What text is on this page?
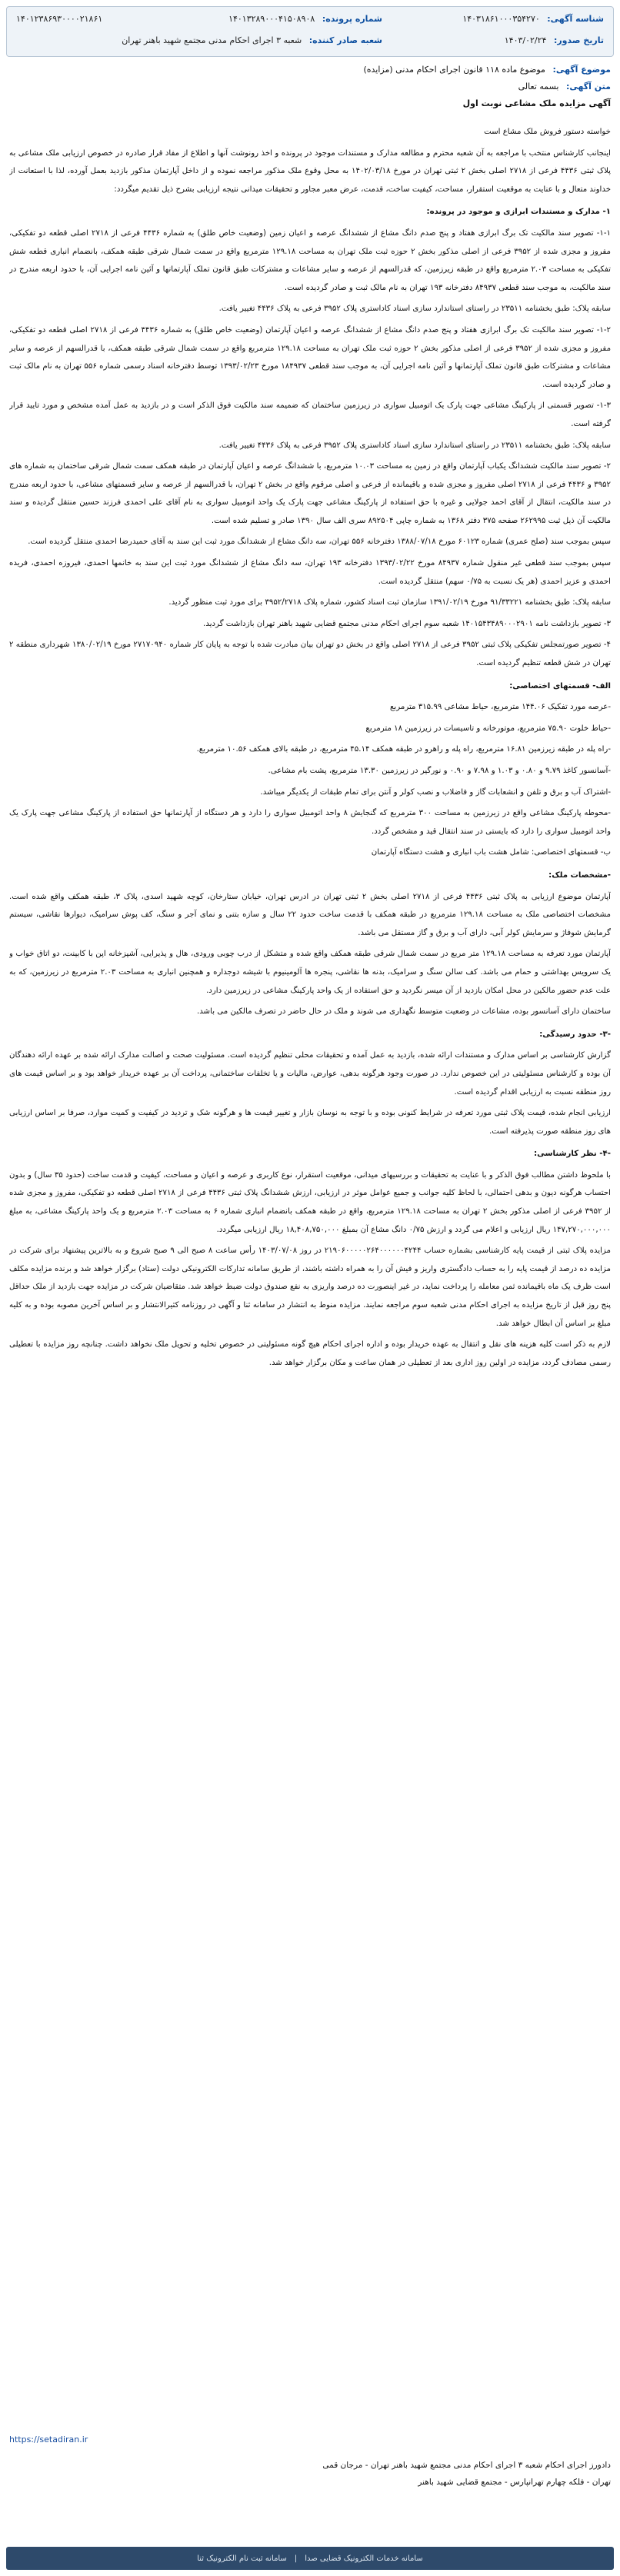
شناسه آگهی: ۱۴۰۳۱۸۶۱۰۰۰۳۵۴۲۷۰
شماره پرونده: ۱۴۰۱۳۲۸۹۰۰۰۴۱۵۰۸۹۰۸
۱۴۰۱۲۳۸۶۹۳۰۰۰۰۲۱۸۶۱
تاریخ صدور: ۱۴۰۳/۰۲/۲۴
شعبه صادر کننده: شعبه ۳ اجرای احکام مدنی مجتمع شهید باهنر تهران
موضوع آگهی: موضوع ماده ۱۱۸ قانون اجرای احکام مدنی (مزایده)
متن آگهی: بسمه تعالی
آگهی مزایده ملک مشاعی نوبت اول

خواسته دستور فروش ملک مشاع است

اینجانب کارشناس منتخب با مراجعه به آن شعبه محترم و مطالعه مدارک و مستندات موجود در پرونده و اخذ رونوشت آنها و اطلاع از مفاد قرار صادره در خصوص ارزیابی ملک مشاعی به پلاک ثبتی ۴۴۳۶ فرعی از ۲۷۱۸ اصلی بخش ۲ ثبتی تهران در مورخ ۱۴۰۲/۰۳/۱۸ به محل وقوع ملک مذکور مراجعه نموده و از داخل آپارتمان مذکور بازدید بعمل آورده، لذا با استعانت از خداوند متعال و با عنایت به موقعیت استقرار، مساحت، کیفیت ساخت، قدمت، عرض معبر مجاور و تحقیقات میدانی نتیجه ارزیابی بشرح ذیل تقدیم میگردد:

۱- مدارک و مستندات ابرازی و موجود در پرونده:

۱-۱- تصویر سند مالکیت تک برگ ابرازی هفتاد و پنج صدم دانگ مشاع از ششدانگ عرصه و اعیان زمین (وضعیت خاص طلق) به شماره ۴۴۳۶ فرعی از ۲۷۱۸ اصلی قطعه دو تفکیکی، مفروز و مجزی شده از ۳۹۵۲ فرعی از اصلی مذکور بخش ۲ حوزه ثبت ملک تهران به مساحت ۱۲۹.۱۸ مترمربع واقع در سمت شمال شرقی طبقه همکف، بانضمام انباری قطعه شش تفکیکی به مساحت ۲.۰۳ مترمربع واقع در طبقه زیرزمین، که قدرالسهم از عرصه و سایر مشاعات و مشترکات طبق قانون تملک آپارتمانها و آئین نامه اجرایی آن، با حدود اربعه مندرج در سند مالکیت، به موجب سند قطعی ۸۴۹۳۷ دفترخانه ۱۹۳ تهران به نام مالک ثبت و صادر گردیده است.

سابقه پلاک: طبق بخشنامه ۲۳۵۱۱ در راستای استاندارد سازی اسناد کاداستری پلاک ۳۹۵۲ فرعی به پلاک ۴۴۳۶ تغییر یافت.

۱-۲- تصویر سند مالکیت تک برگ ابرازی هفتاد و پنج صدم دانگ مشاع از ششدانگ عرصه و اعیان آپارتمان (وضعیت خاص طلق) به شماره ۴۴۳۶ فرعی از ۲۷۱۸ اصلی قطعه دو تفکیکی، مفروز و مجزی شده از ۳۹۵۲ فرعی از اصلی مذکور بخش ۲ حوزه ثبت ملک تهران به مساحت ۱۲۹.۱۸ مترمربع واقع در سمت شمال شرقی طبقه همکف، با قدرالسهم از عرصه و سایر مشاعات و مشترکات طبق قانون تملک آپارتمانها و آئین نامه اجرایی آن، به موجب سند قطعی ۱۸۴۹۳۷ مورخ ۱۳۹۳/۰۲/۲۳ توسط دفترخانه اسناد رسمی شماره ۵۵۶ تهران به نام مالک ثبت و صادر گردیده است.

۱-۳- تصویر قسمتی از پارکینگ مشاعی جهت پارک یک اتومبیل سواری در زیرزمین ساختمان که ضمیمه سند مالکیت فوق الذکر است و در بازدید به عمل آمده مشخص و مورد تایید قرار گرفته است.

سابقه پلاک: طبق بخشنامه ۲۳۵۱۱ در راستای استاندارد سازی اسناد کاداستری پلاک ۳۹۵۲ فرعی به پلاک ۴۴۳۶ تغییر یافت.

۲- تصویر سند مالکیت ششدانگ یکباب آپارتمان واقع در زمین به مساحت ۱۰.۰۳ مترمربع، با ششدانگ عرصه و اعیان آپارتمان در طبقه همکف سمت شمال شرقی ساختمان به شماره های ۳۹۵۲ و ۴۴۳۶ فرعی از ۲۷۱۸ اصلی مفروز و مجزی شده و باقیمانده از فرعی و اصلی مرقوم واقع در بخش ۲ تهران، با قدرالسهم از عرصه و سایر قسمتهای مشاعی، با حدود اربعه مندرج در سند مالکیت، انتقال از آقای احمد جولایی و غیره با حق استفاده از پارکینگ مشاعی جهت پارک یک واحد اتومبیل سواری به نام آقای علی احمدی فرزند حسین منتقل گردیده و سند مالکیت آن ذیل ثبت ۲۶۲۹۹۵ صفحه ۳۷۵ دفتر ۱۳۶۸ به شماره چاپی ۸۹۲۵۰۴ سری الف سال ۱۳۹۰ صادر و تسلیم شده است.

سپس بموجب سند (صلح عمری) شماره ۶۰۱۲۳ مورخ ۱۳۸۸/۰۷/۱۸ دفترخانه ۵۵۶ تهران، سه دانگ مشاع از ششدانگ مورد ثبت این سند به آقای حمیدرضا احمدی منتقل گردیده است.

سپس بموجب سند قطعی غیر منقول شماره ۸۴۹۳۷ مورخ ۱۳۹۳/۰۲/۲۲ دفترخانه ۱۹۳ تهران، سه دانگ مشاع از ششدانگ مورد ثبت این سند به خانمها احمدی، فیروزه احمدی، فریده احمدی و عزیز احمدی (هر یک نسبت به ۰/۷۵ سهم) منتقل گردیده است.

سابقه پلاک: طبق بخشنامه ۹۱/۳۳۲۲۱ مورخ ۱۳۹۱/۰۲/۱۹ سازمان ثبت اسناد کشور، شماره پلاک ۳۹۵۲/۲۷۱۸ برای مورد ثبت منظور گردید.

۳- تصویر بازداشت نامه ۱۴۰۱۵۴۳۴۸۹۰۰۰۲۹۰۱ شعبه سوم اجرای احکام مدنی مجتمع قضایی شهید باهنر تهران بازداشت گردید.

۴- تصویر صورتمجلس تفکیکی پلاک ثبتی ۳۹۵۲ فرعی از ۲۷۱۸ اصلی واقع در بخش دو تهران بیان مبادرت شده با توجه به پایان کار شماره ۲۷۱۷۰۹۴۰ مورخ ۱۳۸۰/۰۲/۱۹ شهرداری منطقه ۲ تهران در شش قطعه تنظیم گردیده است.

الف- قسمتهای اختصاصی:

-عرصه مورد تفکیک ۱۴۴.۰۶ مترمربع، حیاط مشاعی ۳۱۵.۹۹ مترمربع

-حیاط خلوت ۷۵.۹۰ مترمربع، موتورخانه و تاسیسات در زیرزمین ۱۸ مترمربع

-راه پله در طبقه زیرزمین ۱۶.۸۱ مترمربع، راه پله و راهرو در طبقه همکف ۴۵.۱۴ مترمربع، در طبقه بالای همکف ۱۰.۵۶ مترمربع.

-آسانسور کاغذ ۹.۷۹ و ۰.۸۰ و ۱.۰۳ و ۷.۹۸ و ۰.۹۰ و نورگیر در زیرزمین ۱۳.۳۰ مترمربع، پشت بام مشاعی.

-اشتراک آب و برق و تلفن و انشعابات گاز و فاضلاب و نصب کولر و آنتن برای تمام طبقات از یکدیگر میباشد.

-محوطه پارکینگ مشاعی واقع در زیرزمین به مساحت ۳۰۰ مترمربع که گنجایش ۸ واحد اتومبیل سواری را دارد و هر دستگاه از آپارتمانها حق استفاده از پارکینگ مشاعی جهت پارک یک واحد اتومبیل سواری را دارد که بایستی در سند انتقال قید و مشخص گردد.

ب- قسمتهای اختصاصی: شامل هشت باب انباری و هشت دستگاه آپارتمان

-مشخصات ملک:

آپارتمان موضوع ارزیابی به پلاک ثبتی ۴۴۳۶ فرعی از ۲۷۱۸ اصلی بخش ۲ ثبتی تهران در ادرس تهران، خیابان ستارخان، کوچه شهید اسدی، پلاک ۳، طبقه همکف واقع شده است. مشخصات اختصاصی ملک به مساحت ۱۲۹.۱۸ مترمربع در طبقه همکف با قدمت ساخت حدود ۲۲ سال و سازه بتنی و نمای آجر و سنگ، کف پوش سرامیک، دیوارها نقاشی، سیستم گرمایش شوفاژ و سرمایش کولر آبی، دارای آب و برق و گاز مستقل می باشد.

آپارتمان مورد تعرفه به مساحت ۱۲۹.۱۸ متر مربع در سمت شمال شرقی طبقه همکف واقع شده و متشکل از درب چوبی ورودی، هال و پذیرایی، آشپزخانه اپن با کابینت، دو اتاق خواب و یک سرویس بهداشتی و حمام می باشد. کف سالن سنگ و سرامیک، بدنه ها نقاشی، پنجره ها آلومینیوم با شیشه دوجداره و همچنین انباری به مساحت ۲.۰۳ مترمربع در زیرزمین، که به علت عدم حضور مالکین در محل امکان بازدید از آن میسر نگردید و حق استفاده از یک واحد پارکینگ مشاعی در زیرزمین دارد.

ساختمان دارای آسانسور بوده، مشاعات در وضعیت متوسط نگهداری می شوند و ملک در حال حاضر در تصرف مالکین می باشد.

-۳- حدود رسیدگی:

گزارش کارشناسی بر اساس مدارک و مستندات ارائه شده، بازدید به عمل آمده و تحقیقات محلی تنظیم گردیده است. مسئولیت صحت و اصالت مدارک ارائه شده بر عهده ارائه دهندگان آن بوده و کارشناس مسئولیتی در این خصوص ندارد. در صورت وجود هرگونه بدهی، عوارض، مالیات و یا تخلفات ساختمانی، پرداخت آن بر عهده خریدار خواهد بود و بر اساس قیمت های روز منطقه نسبت به ارزیابی اقدام گردیده است.

ارزیابی انجام شده، قیمت پلاک ثبتی مورد تعرفه در شرایط کنونی بوده و با توجه به نوسان بازار و تغییر قیمت ها و هرگونه شک و تردید در کیفیت و کمیت موارد، صرفا بر اساس ارزیابی های روز منطقه صورت پذیرفته است.

-۴- نظر کارشناسی:

با ملحوظ داشتن مطالب فوق الذکر و با عنایت به تحقیقات و بررسیهای میدانی، موقعیت استقرار، نوع کاربری و عرصه و اعیان و مساحت، کیفیت و قدمت ساخت (حدود ۳۵ سال) و بدون احتساب هرگونه دیون و بدهی احتمالی، با لحاظ کلیه جوانب و جمیع عوامل موثر در ارزیابی، ارزش ششدانگ پلاک ثبتی ۴۴۳۶ فرعی از ۲۷۱۸ اصلی قطعه دو تفکیکی، مفروز و مجزی شده از ۳۹۵۲ فرعی از اصلی مذکور بخش ۲ تهران به مساحت ۱۲۹.۱۸ مترمربع، واقع در طبقه همکف بانضمام انباری شماره ۶ به مساحت ۲.۰۳ مترمربع و یک واحد پارکینگ مشاعی، به مبلغ ۱۴۷,۲۷۰,۰۰۰,۰۰۰ ریال ارزیابی و اعلام می گردد و ارزش ۰/۷۵ دانگ مشاع آن بمبلغ ۱۸,۴۰۸,۷۵۰,۰۰۰ ریال ارزیابی میگردد.

مزایده پلاک ثبتی از قیمت پایه کارشناسی بشماره حساب ۲۱۹۰۶۰۰۰۰۰۲۶۴۰۰۰۰۰۰۴۲۴۴ در روز ۱۴۰۳/۰۷/۰۸ رأس ساعت ۸ صبح الی ۹ صبح شروع و به بالاترین پیشنهاد برای شرکت در مزایده ده درصد از قیمت پایه را به حساب دادگستری واریز و فیش آن را به همراه داشته باشند، از طریق سامانه تدارکات الکترونیکی دولت (ستاد) برگزار خواهد شد و برنده مزایده مکلف است ظرف یک ماه باقیمانده ثمن معامله را پرداخت نماید، در غیر اینصورت ده درصد واریزی به نفع صندوق دولت ضبط خواهد شد. متقاضیان شرکت در مزایده جهت بازدید از ملک حداقل پنج روز قبل از تاریخ مزایده به اجرای احکام مدنی شعبه سوم مراجعه نمایند. مزایده منوط به انتشار در سامانه ثنا و آگهی در روزنامه کثیرالانتشار و بر اساس آخرین مصوبه بوده و به کلیه مبلغ بر اساس آن ابطال خواهد شد.

لازم به ذکر است کلیه هزینه های نقل و انتقال به عهده خریدار بوده و اداره اجرای احکام هیچ گونه مسئولیتی در خصوص تخلیه و تحویل ملک نخواهد داشت. چنانچه روز مزایده با تعطیلی رسمی مصادف گردد، مزایده در اولین روز اداری بعد از تعطیلی در همان ساعت و مکان برگزار خواهد شد.

https://setadiran.ir
دادورز اجرای احکام شعبه ۳ اجرای احکام مدنی مجتمع شهید باهنر تهران - مرجان قمی
تهران - فلکه چهارم تهرانپارس - مجتمع قضایی شهید باهنر
سامانه خدمات الکترونیک قضایی صدا
|
سامانه ثبت نام الکترونیک ثنا
